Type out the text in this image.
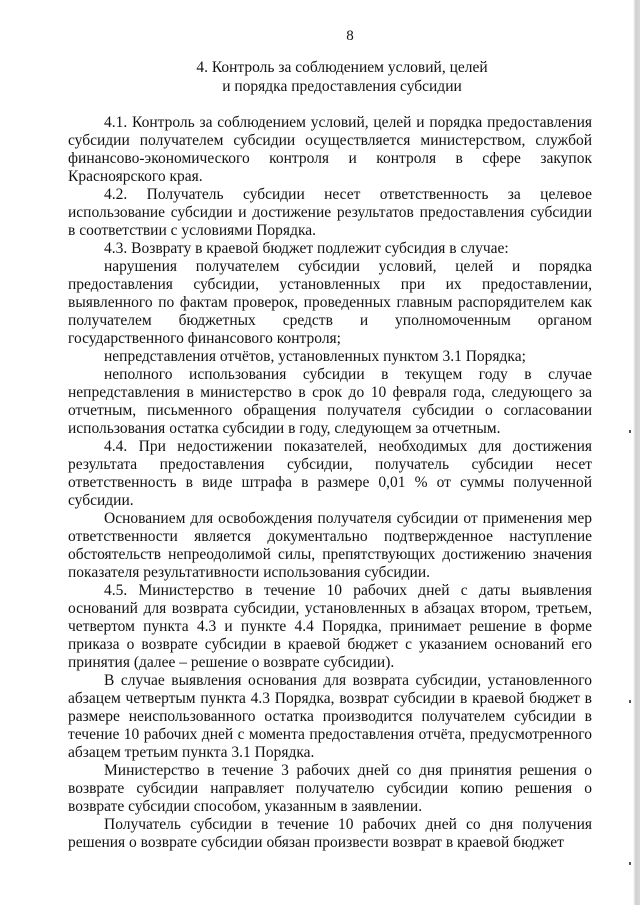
8
4. Контроль за соблюдением условий, целей
и порядка предоставления субсидии

4.1. Контроль за соблюдением условий, целей и порядка предоставления субсидии получателем субсидии осуществляется министерством, службой финансово-экономического контроля и контроля в сфере закупок Красноярского края.

4.2. Получатель субсидии несет ответственность за целевое использование субсидии и достижение результатов предоставления субсидии в соответствии с условиями Порядка.

4.3. Возврату в краевой бюджет подлежит субсидия в случае:

нарушения получателем субсидии условий, целей и порядка предоставления субсидии, установленных при их предоставлении, выявленного по фактам проверок, проведенных главным распорядителем как получателем бюджетных средств и уполномоченным органом государственного финансового контроля;

непредставления отчётов, установленных пунктом 3.1 Порядка;

неполного использования субсидии в текущем году в случае непредставления в министерство в срок до 10 февраля года, следующего за отчетным, письменного обращения получателя субсидии о согласовании использования остатка субсидии в году, следующем за отчетным.

4.4. При недостижении показателей, необходимых для достижения результата предоставления субсидии, получатель субсидии несет ответственность в виде штрафа в размере 0,01 % от суммы полученной субсидии.

Основанием для освобождения получателя субсидии от применения мер ответственности является документально подтвержденное наступление обстоятельств непреодолимой силы, препятствующих достижению значения показателя результативности использования субсидии.

4.5. Министерство в течение 10 рабочих дней с даты выявления оснований для возврата субсидии, установленных в абзацах втором, третьем, четвертом пункта 4.3 и пункте 4.4 Порядка, принимает решение в форме приказа о возврате субсидии в краевой бюджет с указанием оснований его принятия (далее – решение о возврате субсидии).

В случае выявления основания для возврата субсидии, установленного абзацем четвертым пункта 4.3 Порядка, возврат субсидии в краевой бюджет в размере неиспользованного остатка производится получателем субсидии в течение 10 рабочих дней с момента предоставления отчёта, предусмотренного абзацем третьим пункта 3.1 Порядка.

Министерство в течение 3 рабочих дней со дня принятия решения о возврате субсидии направляет получателю субсидии копию решения о возврате субсидии способом, указанным в заявлении.

Получатель субсидии в течение 10 рабочих дней со дня получения решения о возврате субсидии обязан произвести возврат в краевой бюджет
